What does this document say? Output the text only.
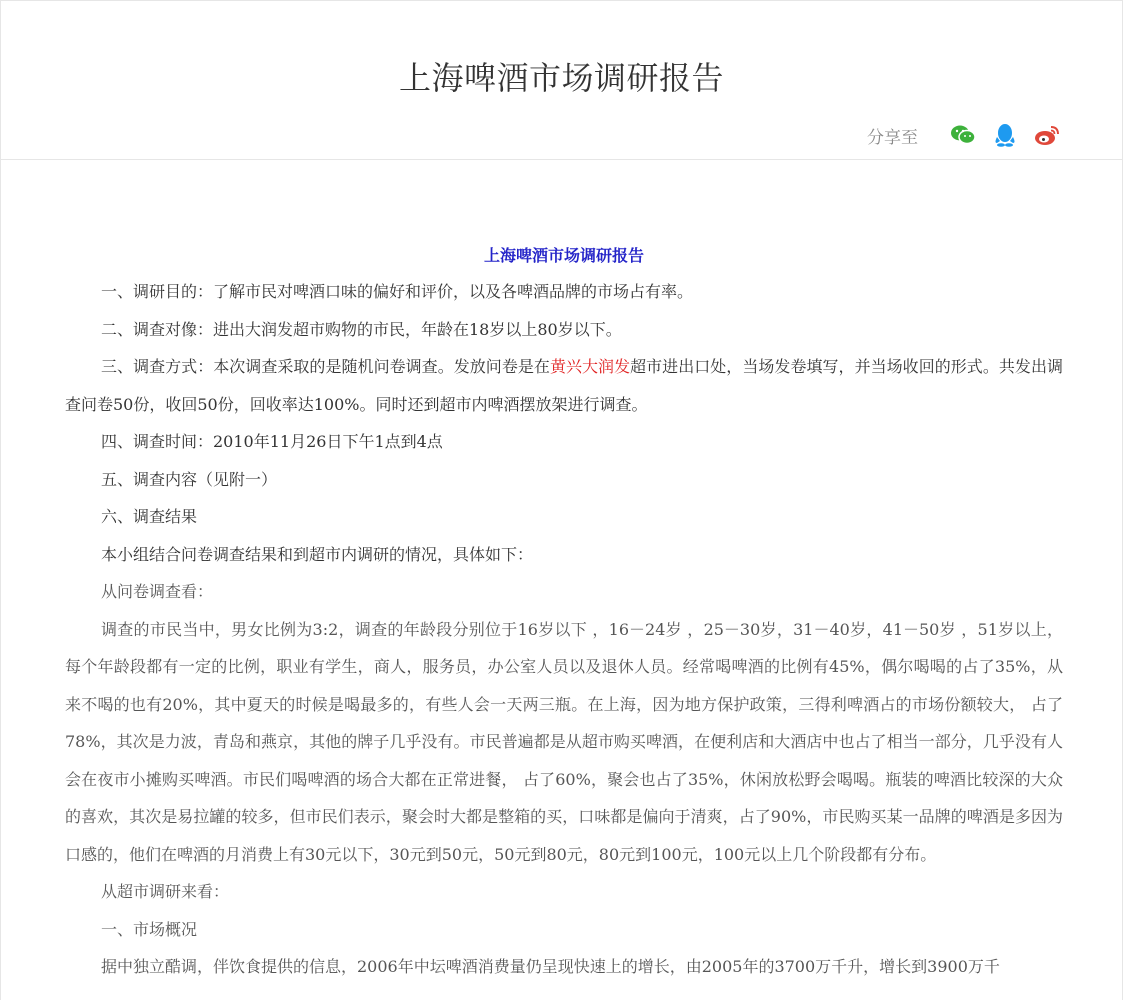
上海啤酒市场调研报告
分享至
上海啤酒市场调研报告

一、调研目的：了解市民对啤酒口味的偏好和评价，以及各啤酒品牌的市场占有率。

二、调查对像：进出大润发超市购物的市民，年龄在18岁以上80岁以下。

三、调查方式：本次调查采取的是随机问卷调查。发放问卷是在黄兴大润发超市进出口处，当场发卷填写，并当场收回的形式。共发出调查问卷50份，收回50份，回收率达100%。同时还到超市内啤酒摆放架进行调查。

四、调查时间：2010年11月26日下午1点到4点

五、调查内容（见附一）

六、调查结果

本小组结合问卷调查结果和到超市内调研的情况，具体如下：

从问卷调查看：

调查的市民当中，男女比例为3:2，调查的年龄段分别位于16岁以下 ，16－24岁 ，25－30岁，31－40岁，41－50岁 ，51岁以上，每个年龄段都有一定的比例，职业有学生，商人，服务员，办公室人员以及退休人员。经常喝啤酒的比例有45%，偶尔喝喝的占了35%，从来不喝的也有20%，其中夏天的时候是喝最多的，有些人会一天两三瓶。在上海，因为地方保护政策，三得利啤酒占的市场份额较大， 占了78%，其次是力波，青岛和燕京，其他的牌子几乎没有。市民普遍都是从超市购买啤酒，在便利店和大酒店中也占了相当一部分，几乎没有人会在夜市小摊购买啤酒。市民们喝啤酒的场合大都在正常进餐， 占了60%，聚会也占了35%，休闲放松野会喝喝。瓶装的啤酒比较深的大众的喜欢，其次是易拉罐的较多，但市民们表示，聚会时大都是整箱的买，口味都是偏向于清爽，占了90%，市民购买某一品牌的啤酒是多因为口感的，他们在啤酒的月消费上有30元以下，30元到50元，50元到80元，80元到100元，100元以上几个阶段都有分布。

从超市调研来看：

一、市场概况

据中独立酷调，伴饮食提供的信息，2006年中坛啤酒消费量仍呈现快速上的增长，由2005年的3700万千升，增长到3900万千
